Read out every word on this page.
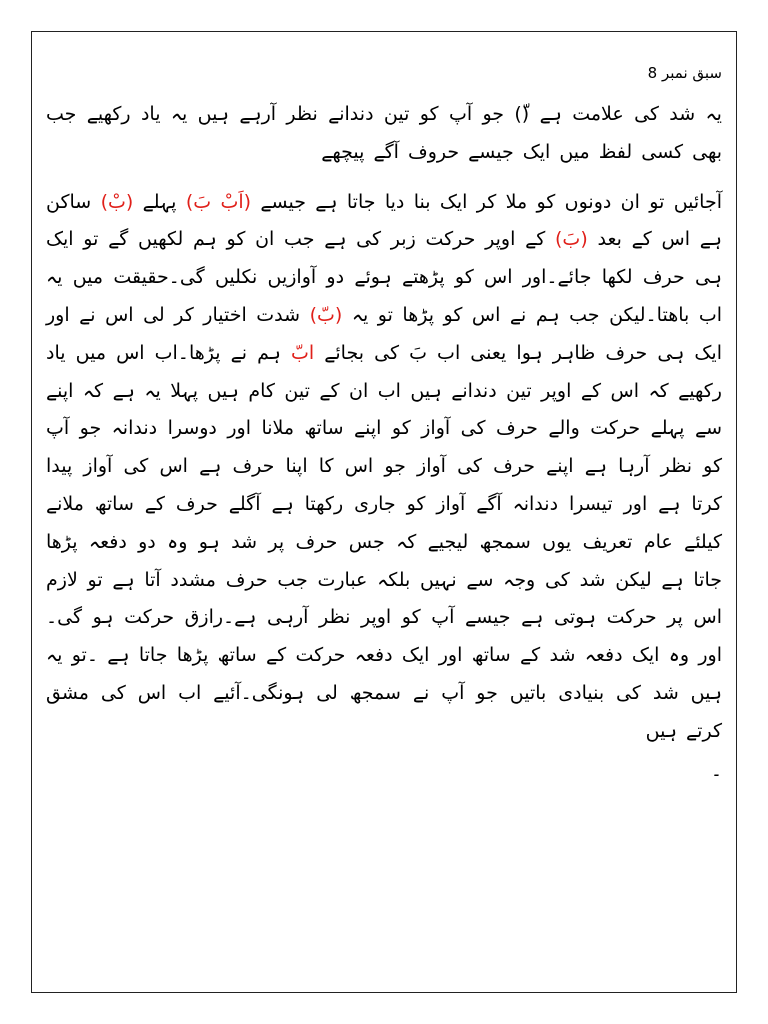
سبق نمبر 8

یہ شد کی علامت ہے (ّ) جو آپ کو تین دندانے نظر آرہے ہیں یہ یاد رکھیے جب بھی کسی لفظ میں ایک جیسے حروف آگے پیچھے

آجائیں تو ان دونوں کو ملا کر ایک بنا دیا جاتا ہے جیسے (اَبْ بَ) پہلے (بْ) ساکن ہے اس کے بعد (بَ) کے اوپر حرکت زبر کی ہے جب ان کو ہم لکھیں گے تو ایک ہی حرف لکھا جائے۔اور اس کو پڑھتے ہوئے دو آوازیں نکلیں گی۔حقیقت میں یہ اب باھتا۔لیکن جب ہم نے اس کو پڑھا تو یہ (بّ) شدت اختیار کر لی اس نے اور ایک ہی حرف ظاہر ہوا یعنی اب بَ کی بجائے ابّ ہم نے پڑھا۔اب اس میں یاد رکھیے کہ اس کے اوپر تین دندانے ہیں اب ان کے تین کام ہیں پہلا یہ ہے کہ اپنے سے پہلے حرکت والے حرف کی آواز کو اپنے ساتھ ملانا اور دوسرا دندانہ جو آپ کو نظر آرہا ہے اپنے حرف کی آواز جو اس کا اپنا حرف ہے اس کی آواز پیدا کرتا ہے اور تیسرا دندانہ آگے آواز کو جاری رکھتا ہے آگلے حرف کے ساتھ ملانے کیلئے عام تعریف یوں سمجھ لیجیے کہ جس حرف پر شد ہو وہ دو دفعہ پڑھا جاتا ہے لیکن شد کی وجہ سے نہیں بلکہ عبارت جب حرف مشدد آتا ہے تو لازم اس پر حرکت ہوتی ہے جیسے آپ کو اوپر نظر آرہی ہے۔رازق حرکت ہو گی۔اور وہ ایک دفعہ شد کے ساتھ اور ایک دفعہ حرکت کے ساتھ پڑھا جاتا ہے ۔تو یہ ہیں شد کی بنیادی باتیں جو آپ نے سمجھ لی ہونگی۔آئیے اب اس کی مشق کرتے ہیں

۔
